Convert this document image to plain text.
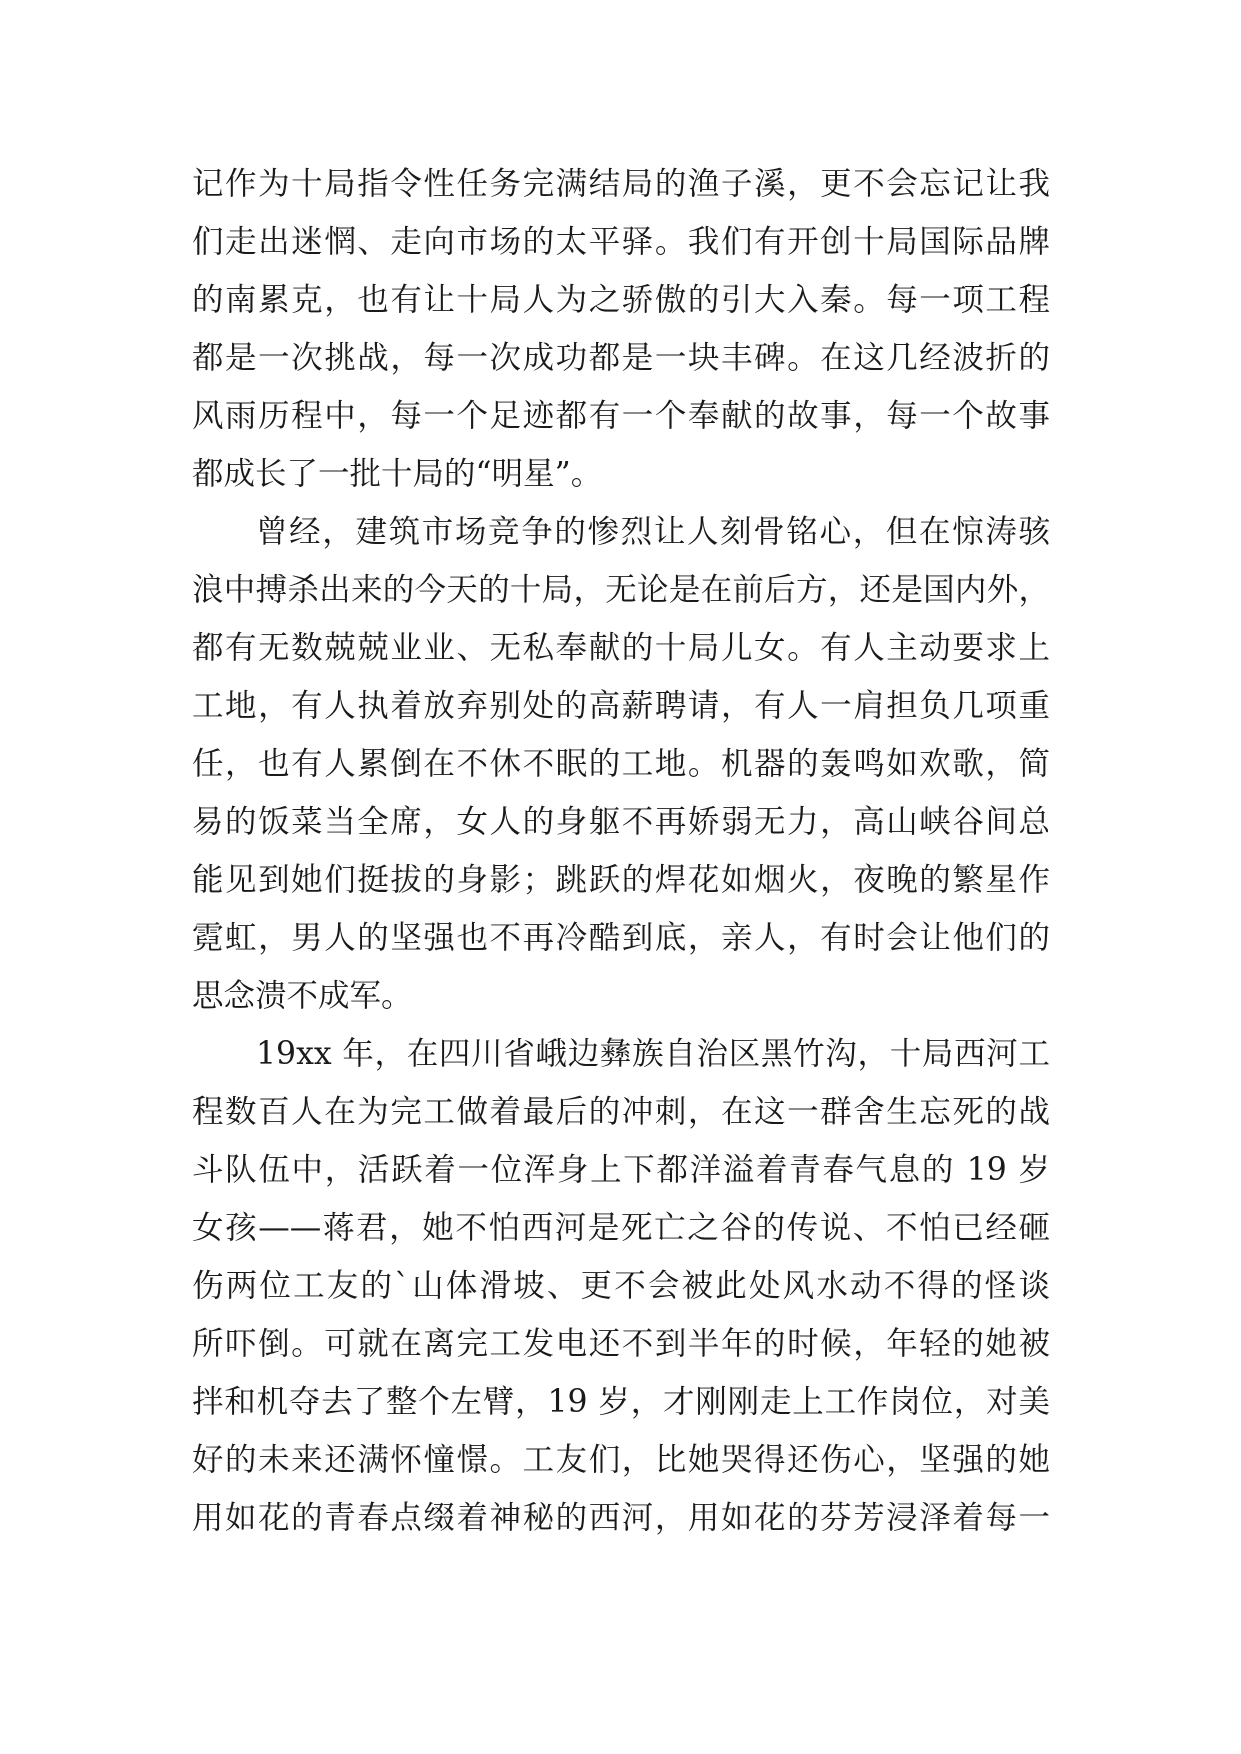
记作为十局指令性任务完满结局的渔子溪，更不会忘记让我
们走出迷惘、走向市场的太平驿。我们有开创十局国际品牌
的南累克，也有让十局人为之骄傲的引大入秦。每一项工程
都是一次挑战，每一次成功都是一块丰碑。在这几经波折的
风雨历程中，每一个足迹都有一个奉献的故事，每一个故事
都成长了一批十局的“明星”。
曾经，建筑市场竞争的惨烈让人刻骨铭心，但在惊涛骇
浪中搏杀出来的今天的十局，无论是在前后方，还是国内外，
都有无数兢兢业业、无私奉献的十局儿女。有人主动要求上
工地，有人执着放弃别处的高薪聘请，有人一肩担负几项重
任，也有人累倒在不休不眠的工地。机器的轰鸣如欢歌，简
易的饭菜当全席，女人的身躯不再娇弱无力，高山峡谷间总
能见到她们挺拔的身影；跳跃的焊花如烟火，夜晚的繁星作
霓虹，男人的坚强也不再冷酷到底，亲人，有时会让他们的
思念溃不成军。
19xx 年，在四川省峨边彝族自治区黑竹沟，十局西河工
程数百人在为完工做着最后的冲刺，在这一群舍生忘死的战
斗队伍中，活跃着一位浑身上下都洋溢着青春气息的 19 岁
女孩——蒋君，她不怕西河是死亡之谷的传说、不怕已经砸
伤两位工友的`山体滑坡、更不会被此处风水动不得的怪谈
所吓倒。可就在离完工发电还不到半年的时候，年轻的她被
拌和机夺去了整个左臂，19 岁，才刚刚走上工作岗位，对美
好的未来还满怀憧憬。工友们，比她哭得还伤心，坚强的她
用如花的青春点缀着神秘的西河，用如花的芬芳浸泽着每一
